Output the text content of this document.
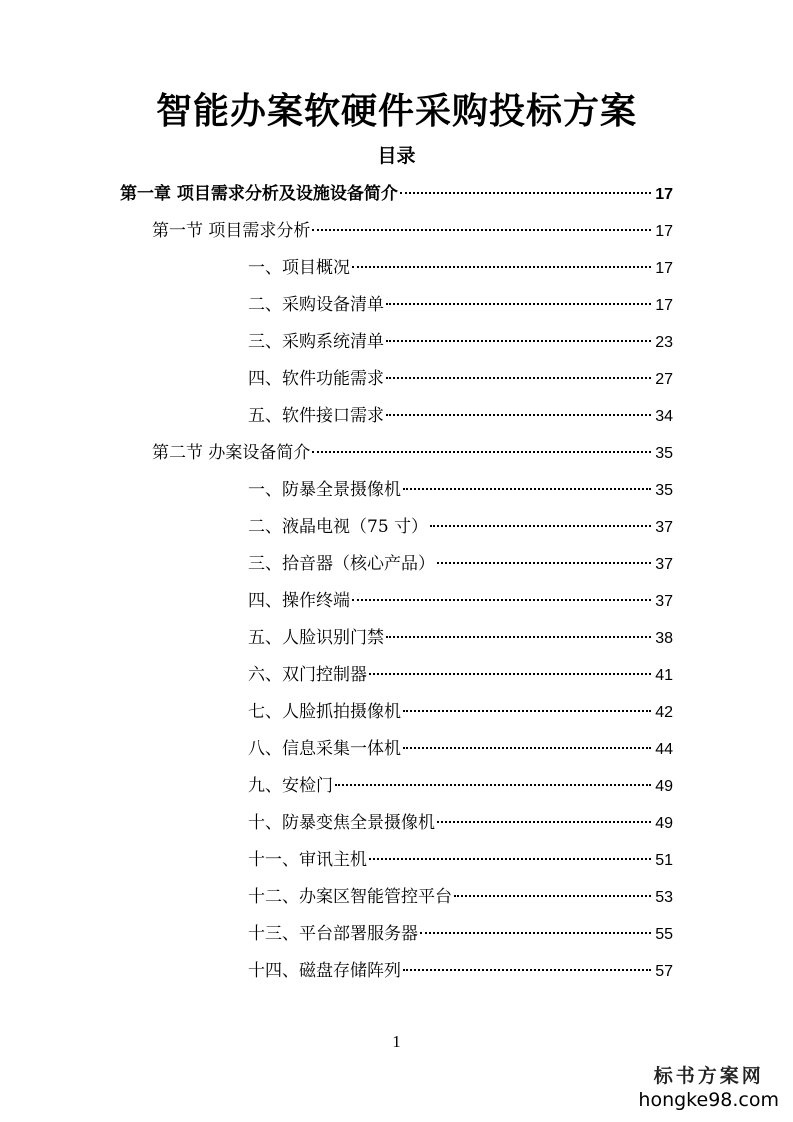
智能办案软硬件采购投标方案
目录
第一章 项目需求分析及设施设备简介	17
第一节 项目需求分析	17
一、项目概况	17
二、采购设备清单	17
三、采购系统清单	23
四、软件功能需求	27
五、软件接口需求	34
第二节 办案设备简介	35
一、防暴全景摄像机	35
二、液晶电视（75 寸）	37
三、拾音器（核心产品）	37
四、操作终端	37
五、人脸识别门禁	38
六、双门控制器	41
七、人脸抓拍摄像机	42
八、信息采集一体机	44
九、安检门	49
十、防暴变焦全景摄像机	49
十一、审讯主机	51
十二、办案区智能管控平台	53
十三、平台部署服务器	55
十四、磁盘存储阵列	57
1
标书方案网
hongke98.com
